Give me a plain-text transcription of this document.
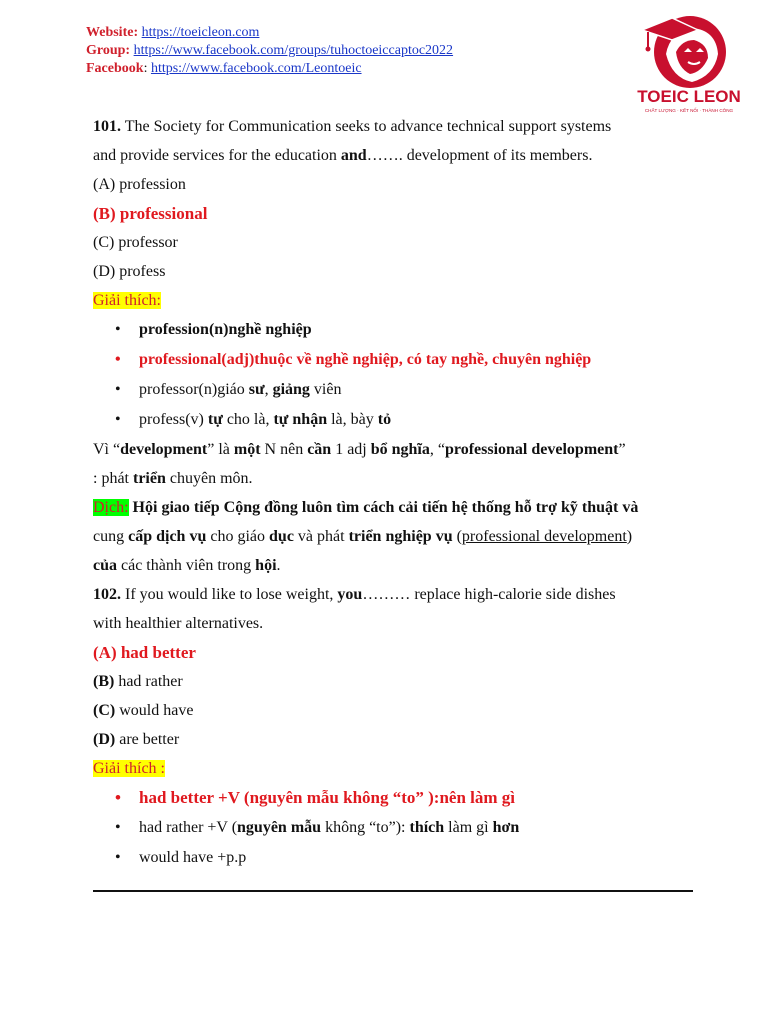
Website: https://toeicleon.com
Group: https://www.facebook.com/groups/tuhoctoeiccaptoc2022
Facebook: https://www.facebook.com/Leontoeic
TOEIC LEON
CHẤT LƯỢNG · KẾT NỐI · THÀNH CÔNG
101. The Society for Communication seeks to advance technical support systems
and provide services for the education and……. development of its members.
(A) profession
(B) professional
(C) professor
(D) profess
Giải thích:
• profession(n)nghề nghiệp
• professional(adj)thuộc về nghề nghiệp, có tay nghề, chuyên nghiệp
• professor(n)giáo sư, giảng viên
• profess(v) tự cho là, tự nhận là, bày tỏ
Vì “development” là một N nên cần 1 adj bổ nghĩa, “professional development”
: phát triển chuyên môn.
Dịch: Hội giao tiếp Cộng đồng luôn tìm cách cải tiến hệ thống hỗ trợ kỹ thuật và
cung cấp dịch vụ cho giáo dục và phát triển nghiệp vụ (professional development)
của các thành viên trong hội.
102. If you would like to lose weight, you……… replace high-calorie side dishes
with healthier alternatives.
(A) had better
(B) had rather
(C) would have
(D) are better
Giải thích :
• had better +V (nguyên mẫu không “to” ):nên làm gì
• had rather +V (nguyên mẫu không “to”): thích làm gì hơn
• would have +p.p
